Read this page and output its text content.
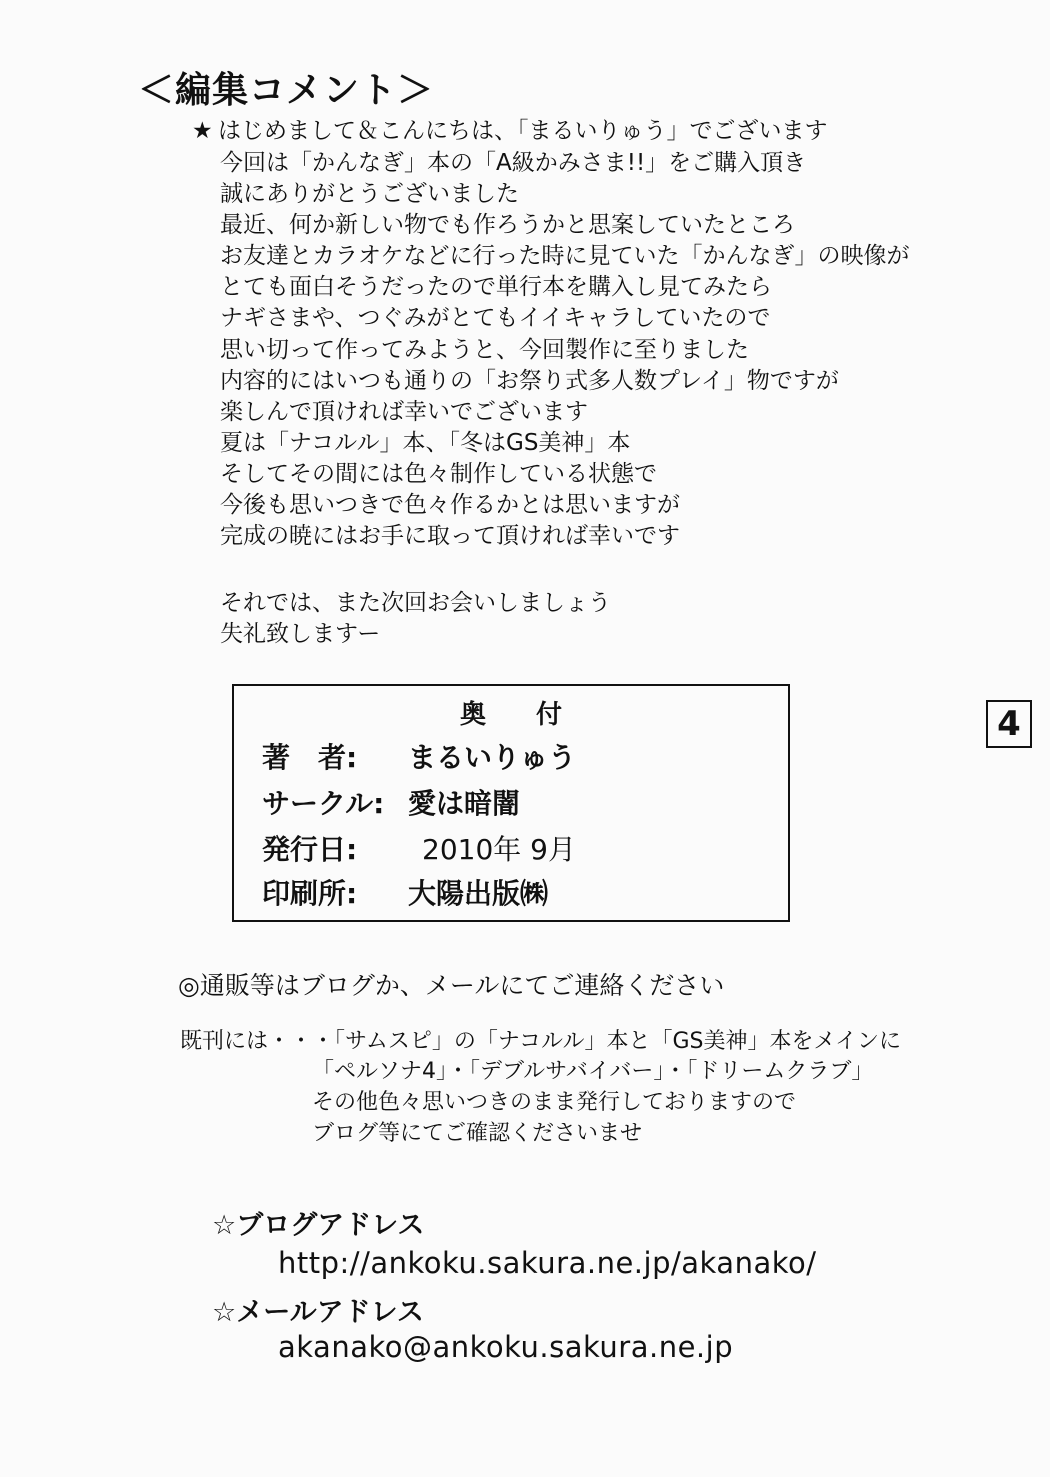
＜編集コメント＞
★ はじめまして＆こんにちは、「まるいりゅう」でございます
今回は「かんなぎ」本の「A級かみさま!!」をご購入頂き
誠にありがとうございました
最近、何か新しい物でも作ろうかと思案していたところ
お友達とカラオケなどに行った時に見ていた「かんなぎ」の映像が
とても面白そうだったので単行本を購入し見てみたら
ナギさまや、つぐみがとてもイイキャラしていたので
思い切って作ってみようと、今回製作に至りました
内容的にはいつも通りの「お祭り式多人数プレイ」物ですが
楽しんで頂ければ幸いでございます
夏は「ナコルル」本、「冬はGS美神」本
そしてその間には色々制作している状態で
今後も思いつきで色々作るかとは思いますが
完成の暁にはお手に取って頂ければ幸いです
それでは、また次回お会いしましょう
失礼致しますー
奥付
著　者: まるいりゅう
サークル: 愛は暗闇
発行日: 2010年 9月
印刷所: 大陽出版㈱
4
◎通販等はブログか、メールにてご連絡ください
既刊には・・・「サムスピ」の「ナコルル」本と「GS美神」本をメインに
「ペルソナ4」・「デブルサバイバー」・「ドリームクラブ」
その他色々思いつきのまま発行しておりますので
ブログ等にてご確認くださいませ
☆ブログアドレス
http://ankoku.sakura.ne.jp/akanako/
☆メールアドレス
akanako@ankoku.sakura.ne.jp
